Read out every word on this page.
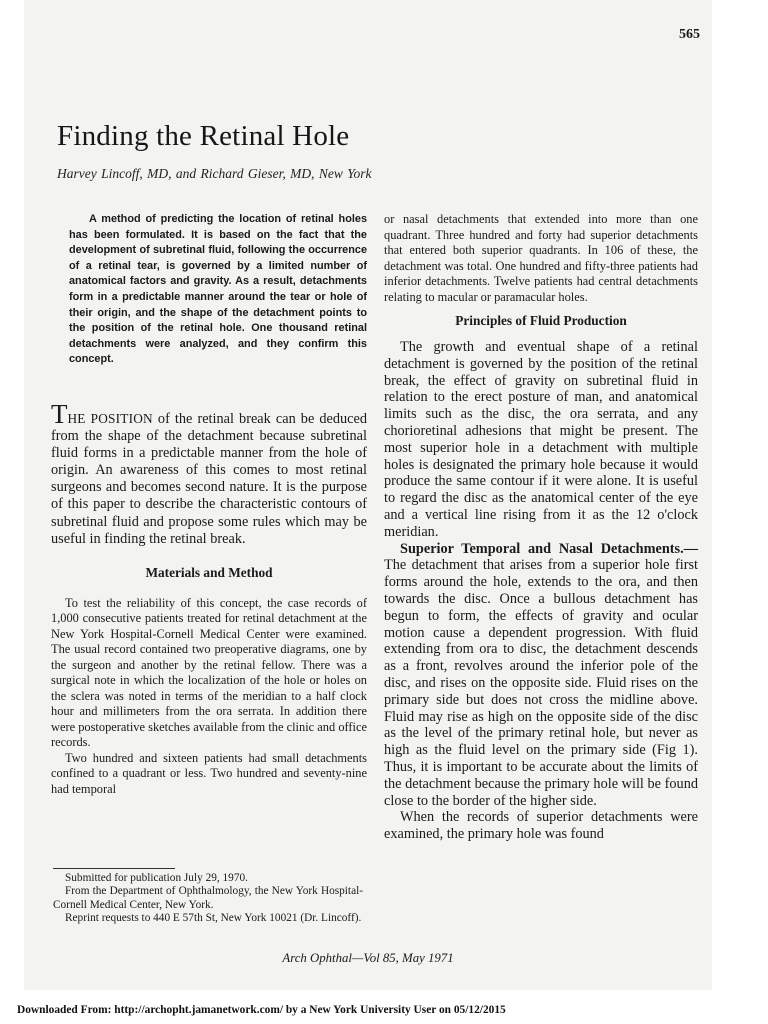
565
Finding the Retinal Hole
Harvey Lincoff, MD, and Richard Gieser, MD, New York

A method of predicting the location of retinal holes has been formulated. It is based on the fact that the development of subretinal fluid, following the occurrence of a retinal tear, is governed by a limited number of anatomical factors and gravity. As a result, detachments form in a predictable manner around the tear or hole of their origin, and the shape of the detachment points to the position of the retinal hole. One thousand retinal detachments were analyzed, and they confirm this concept.

THE POSITION of the retinal break can be deduced from the shape of the detachment because subretinal fluid forms in a predictable manner from the hole of origin. An awareness of this comes to most retinal surgeons and becomes second nature. It is the purpose of this paper to describe the characteristic contours of subretinal fluid and propose some rules which may be useful in finding the retinal break.

Materials and Method

To test the reliability of this concept, the case records of 1,000 consecutive patients treated for retinal detachment at the New York Hospital-Cornell Medical Center were examined. The usual record contained two preoperative diagrams, one by the surgeon and another by the retinal fellow. There was a surgical note in which the localization of the hole or holes on the sclera was noted in terms of the meridian to a half clock hour and millimeters from the ora serrata. In addition there were postoperative sketches available from the clinic and office records.

Two hundred and sixteen patients had small detachments confined to a quadrant or less. Two hundred and seventy-nine had temporal

or nasal detachments that extended into more than one quadrant. Three hundred and forty had superior detachments that entered both superior quadrants. In 106 of these, the detachment was total. One hundred and fifty-three patients had inferior detachments. Twelve patients had central detachments relating to macular or paramacular holes.

Principles of Fluid Production

The growth and eventual shape of a retinal detachment is governed by the position of the retinal break, the effect of gravity on subretinal fluid in relation to the erect posture of man, and anatomical limits such as the disc, the ora serrata, and any chorioretinal adhesions that might be present. The most superior hole in a detachment with multiple holes is designated the primary hole because it would produce the same contour if it were alone. It is useful to regard the disc as the anatomical center of the eye and a vertical line rising from it as the 12 o'clock meridian.

Superior Temporal and Nasal Detachments.—The detachment that arises from a superior hole first forms around the hole, extends to the ora, and then towards the disc. Once a bullous detachment has begun to form, the effects of gravity and ocular motion cause a dependent progression. With fluid extending from ora to disc, the detachment descends as a front, revolves around the inferior pole of the disc, and rises on the opposite side. Fluid rises on the primary side but does not cross the midline above. Fluid may rise as high on the opposite side of the disc as the level of the primary retinal hole, but never as high as the fluid level on the primary side (Fig 1). Thus, it is important to be accurate about the limits of the detachment because the primary hole will be found close to the border of the higher side.

When the records of superior detachments were examined, the primary hole was found

Submitted for publication July 29, 1970.

From the Department of Ophthalmology, the New York Hospital-Cornell Medical Center, New York.

Reprint requests to 440 E 57th St, New York 10021 (Dr. Lincoff).

Arch Ophthal—Vol 85, May 1971
Downloaded From: http://archopht.jamanetwork.com/ by a New York University User on 05/12/2015
